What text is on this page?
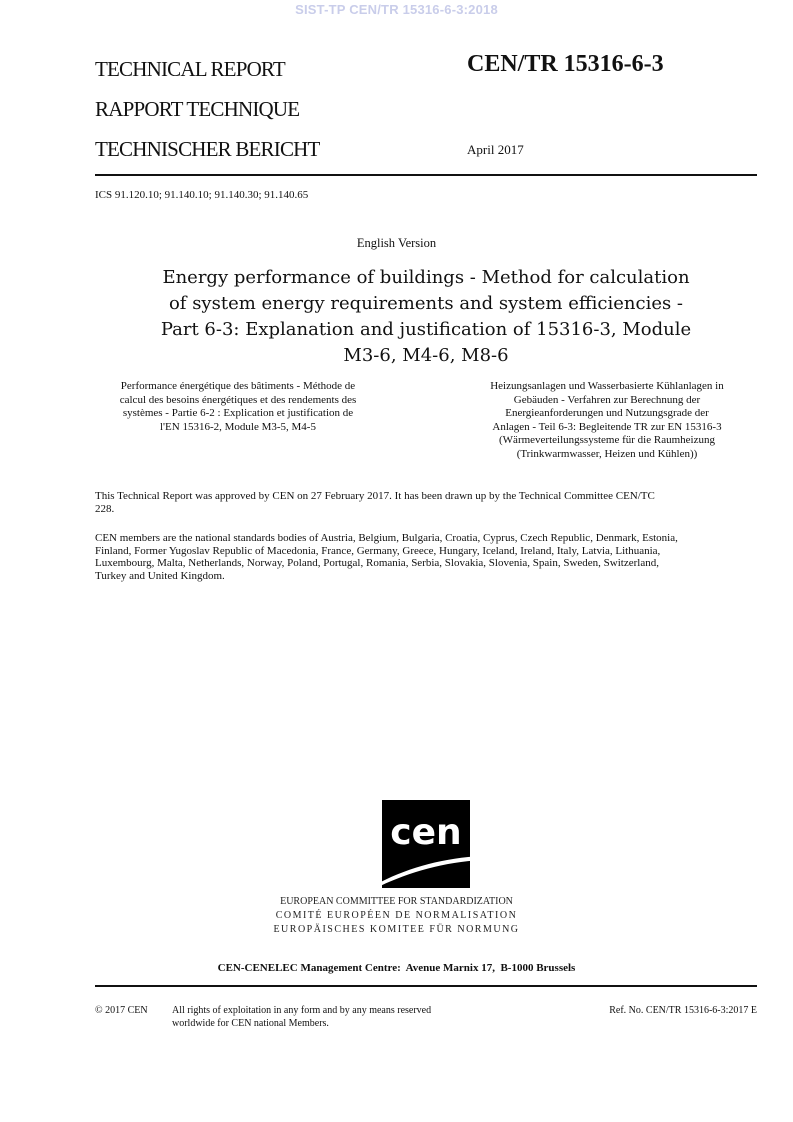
SIST-TP CEN/TR 15316-6-3:2018
TECHNICAL REPORT
RAPPORT TECHNIQUE
TECHNISCHER BERICHT
CEN/TR 15316-6-3
April 2017
ICS 91.120.10; 91.140.10; 91.140.30; 91.140.65
English Version
Energy performance of buildings - Method for calculation
of system energy requirements and system efficiencies -
Part 6-3: Explanation and justification of 15316-3, Module
M3-6, M4-6, M8-6
Performance énergétique des bâtiments - Méthode de
calcul des besoins énergétiques et des rendements des
systèmes - Partie 6-2 : Explication et justification de
l'EN 15316-2, Module M3-5, M4-5
Heizungsanlagen und Wasserbasierte Kühlanlagen in
Gebäuden - Verfahren zur Berechnung der
Energieanforderungen und Nutzungsgrade der
Anlagen - Teil 6-3: Begleitende TR zur EN 15316-3
(Wärmeverteilungssysteme für die Raumheizung
(Trinkwarmwasser, Heizen und Kühlen))
This Technical Report was approved by CEN on 27 February 2017. It has been drawn up by the Technical Committee CEN/TC
228.
CEN members are the national standards bodies of Austria, Belgium, Bulgaria, Croatia, Cyprus, Czech Republic, Denmark, Estonia,
Finland, Former Yugoslav Republic of Macedonia, France, Germany, Greece, Hungary, Iceland, Ireland, Italy, Latvia, Lithuania,
Luxembourg, Malta, Netherlands, Norway, Poland, Portugal, Romania, Serbia, Slovakia, Slovenia, Spain, Sweden, Switzerland,
Turkey and United Kingdom.
cen
EUROPEAN COMMITTEE FOR STANDARDIZATION
COMITÉ EUROPÉEN DE NORMALISATION
EUROPÄISCHES KOMITEE FÜR NORMUNG
CEN-CENELEC Management Centre:  Avenue Marnix 17,  B-1000 Brussels
© 2017 CEN All rights of exploitation in any form and by any means reserved
worldwide for CEN national Members.
Ref. No. CEN/TR 15316-6-3:2017 E
